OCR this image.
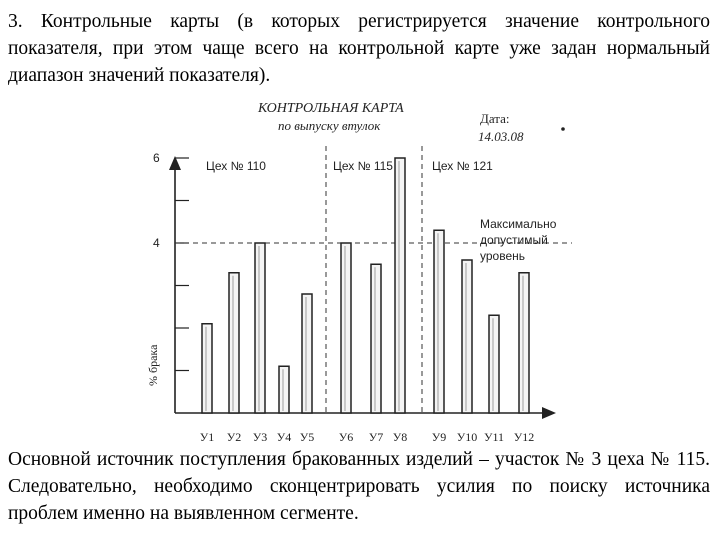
3. Контрольные карты (в которых регистрируется значение контрольного показателя, при этом чаще всего на контрольной карте уже задан нормальный диапазон значений показателя).

КОНТРОЛЬНАЯ КАРТА
по выпуску втулок	Дата:
14.03.08
Максимально
допустимый
уровень
У1 У2 У3 У4 У5 У6 У7 У8 У9 У10 У11 У12
6
4
Цех № 110	Цех № 115	Цех № 121
% брака

Основной источник поступления бракованных изделий – участок № 3 цеха № 115. Следовательно, необходимо сконцентрировать усилия по поиску источника проблем именно на выявленном сегменте.
